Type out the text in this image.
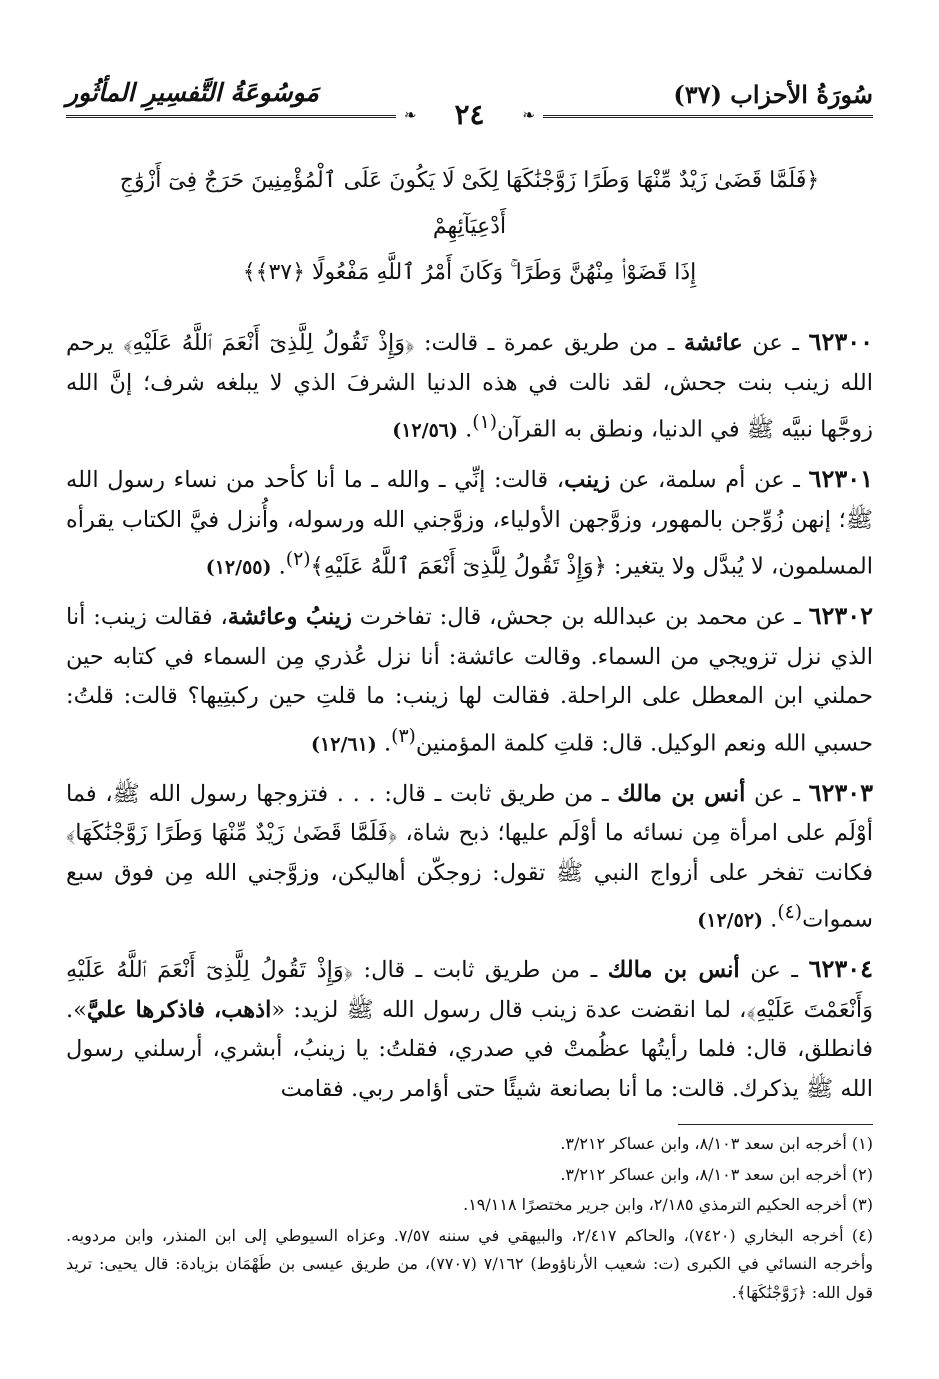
سُورَةُ الأحزاب (٣٧)
مَوسُوعَةُ التَّفسِيرِ المأثُور
❧
❧	٢٤
﴿فَلَمَّا قَضَىٰ زَيْدٌ مِّنْهَا وَطَرًا زَوَّجْنَٰكَهَا لِكَىْ لَا يَكُونَ عَلَى ٱلْمُؤْمِنِينَ حَرَجٌ فِىٓ أَزْوَٰجِ أَدْعِيَآئِهِمْ
إِذَا قَضَوْا۟ مِنْهُنَّ وَطَرًا ۚ وَكَانَ أَمْرُ ٱللَّهِ مَفْعُولًا ﴿٣٧﴾﴾

٦٢٣٠٠ ـ عن عائشة ـ من طريق عمرة ـ قالت: ﴿وَإِذْ تَقُولُ لِلَّذِىٓ أَنْعَمَ ٱللَّهُ عَلَيْهِ﴾ يرحم الله زينب بنت جحش، لقد نالت في هذه الدنيا الشرفَ الذي لا يبلغه شرف؛ إنَّ الله زوجَّها نبيَّه ﷺ في الدنيا، ونطق به القرآن$^{(١)}$. (١٢/٥٦)

٦٢٣٠١ ـ عن أم سلمة، عن زينب، قالت: إنِّي ـ والله ـ ما أنا كأحد من نساء رسول الله ﷺ؛ إنهن زُوِّجن بالمهور، وزوَّجهن الأولياء، وزوَّجني الله ورسوله، وأُنزل فيَّ الكتاب يقرأه المسلمون، لا يُبدَّل ولا يتغير: ﴿وَإِذْ تَقُولُ لِلَّذِىٓ أَنْعَمَ ٱللَّهُ عَلَيْهِ﴾$^{(٢)}$. (١٢/٥٥)

٦٢٣٠٢ ـ عن محمد بن عبدالله بن جحش، قال: تفاخرت زينبُ وعائشة، فقالت زينب: أنا الذي نزل تزويجي من السماء. وقالت عائشة: أنا نزل عُذري مِن السماء في كتابه حين حملني ابن المعطل على الراحلة. فقالت لها زينب: ما قلتِ حين ركبتِيها؟ قالت: قلتُ: حسبي الله ونعم الوكيل. قال: قلتِ كلمة المؤمنين$^{(٣)}$. (١٢/٦١)

٦٢٣٠٣ ـ عن أنس بن مالك ـ من طريق ثابت ـ قال: . . . فتزوجها رسول الله ﷺ، فما أوْلَم على امرأة مِن نسائه ما أوْلَم عليها؛ ذبح شاة، ﴿فَلَمَّا قَضَىٰ زَيْدٌ مِّنْهَا وَطَرًا زَوَّجْنَٰكَهَا﴾ فكانت تفخر على أزواج النبي ﷺ تقول: زوجكّن أهاليكن، وزوَّجني الله مِن فوق سبع سموات$^{(٤)}$. (١٢/٥٢)

٦٢٣٠٤ ـ عن أنس بن مالك ـ من طريق ثابت ـ قال: ﴿وَإِذْ تَقُولُ لِلَّذِىٓ أَنْعَمَ ٱللَّهُ عَلَيْهِ وَأَنْعَمْتَ عَلَيْهِ﴾، لما انقضت عدة زينب قال رسول الله ﷺ لزيد: «اذهب، فاذكرها عليَّ». فانطلق، قال: فلما رأيتُها عظُمتْ في صدري، فقلتُ: يا زينبُ، أبشري، أرسلني رسول الله ﷺ يذكرك. قالت: ما أنا بصانعة شيئًا حتى أؤامر ربي. فقامت

(١) أخرجه ابن سعد ٨/١٠٣، وابن عساكر ٣/٢١٢.

(٢) أخرجه ابن سعد ٨/١٠٣، وابن عساكر ٣/٢١٢.

(٣) أخرجه الحكيم الترمذي ٢/١٨٥، وابن جرير مختصرًا ١٩/١١٨.

(٤) أخرجه البخاري (٧٤٢٠)، والحاكم ٢/٤١٧، والبيهقي في سننه ٧/٥٧. وعزاه السيوطي إلى ابن المنذر، وابن مردويه. وأخرجه النسائي في الكبرى (ت: شعيب الأرناؤوط) ٧/١٦٢ (٧٧٠٧)، من طريق عيسى بن طَهْمَان بزيادة: قال يحيى: تريد قول الله: ﴿زَوَّجْنَٰكَهَا﴾.
